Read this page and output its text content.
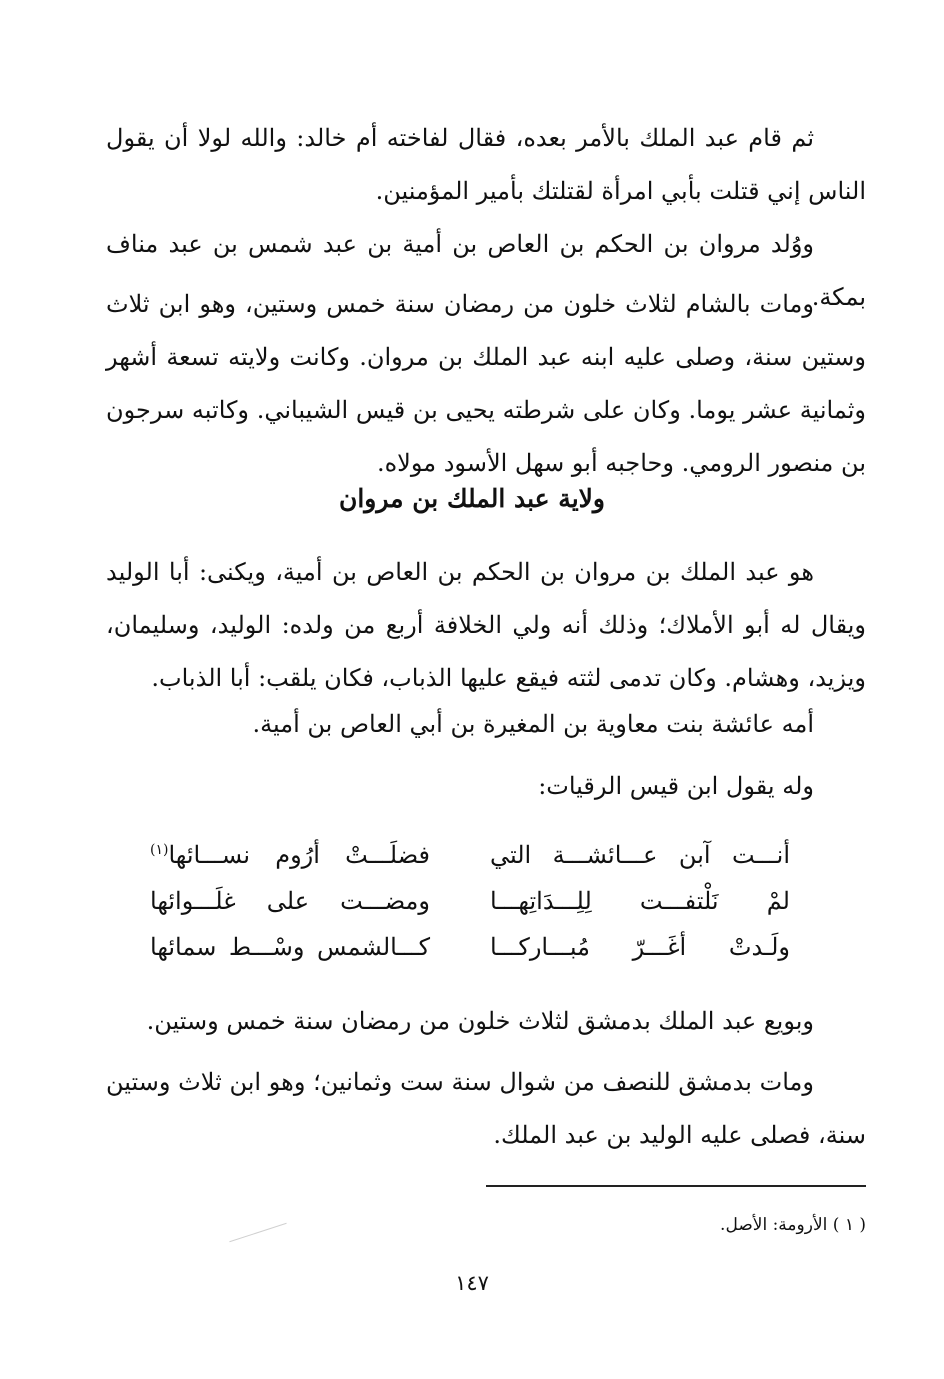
ثم قام عبد الملك بالأمر بعده، فقال لفاخته أم خالد: والله لولا أن يقول الناس إني قتلت بأبي امرأة لقتلتك بأمير المؤمنين.

ووُلد مروان بن الحكم بن العاص بن أمية بن عبد شمس بن عبد مناف بمكة.

ومات بالشام لثلاث خلون من رمضان سنة خمس وستين، وهو ابن ثلاث وستين سنة، وصلى عليه ابنه عبد الملك بن مروان. وكانت ولايته تسعة أشهر وثمانية عشر يوما. وكان على شرطته يحيى بن قيس الشيباني. وكاتبه سرجون بن منصور الرومي. وحاجبه أبو سهل الأسود مولاه.

ولاية عبد الملك بن مروان

هو عبد الملك بن مروان بن الحكم بن العاص بن أمية، ويكنى: أبا الوليد ويقال له أبو الأملاك؛ وذلك أنه ولي الخلافة أربع من ولده: الوليد، وسليمان، ويزيد، وهشام. وكان تدمى لثته فيقع عليها الذباب، فكان يلقب: أبا الذباب.

أمه عائشة بنت معاوية بن المغيرة بن أبي العاص بن أمية.

وله يقول ابن قيس الرقيات:

أنـــت آبن عـــائشـــة التي
فضلَـــتْ أرُوم نســـائها$^{(١)}$
لمْ نَلْتفـــت لِلِـــدَاتِهـــا
ومضـــت على غلَـــوائها
ولَـدتْ أغَـــرّ مُبـــاركـــا
كـــالشمس وسْـــط سمائها

وبويع عبد الملك بدمشق لثلاث خلون من رمضان سنة خمس وستين.

ومات بدمشق للنصف من شوال سنة ست وثمانين؛ وهو ابن ثلاث وستين سنة، فصلى عليه الوليد بن عبد الملك.

( ١ ) الأرومة: الأصل.

١٤٧
